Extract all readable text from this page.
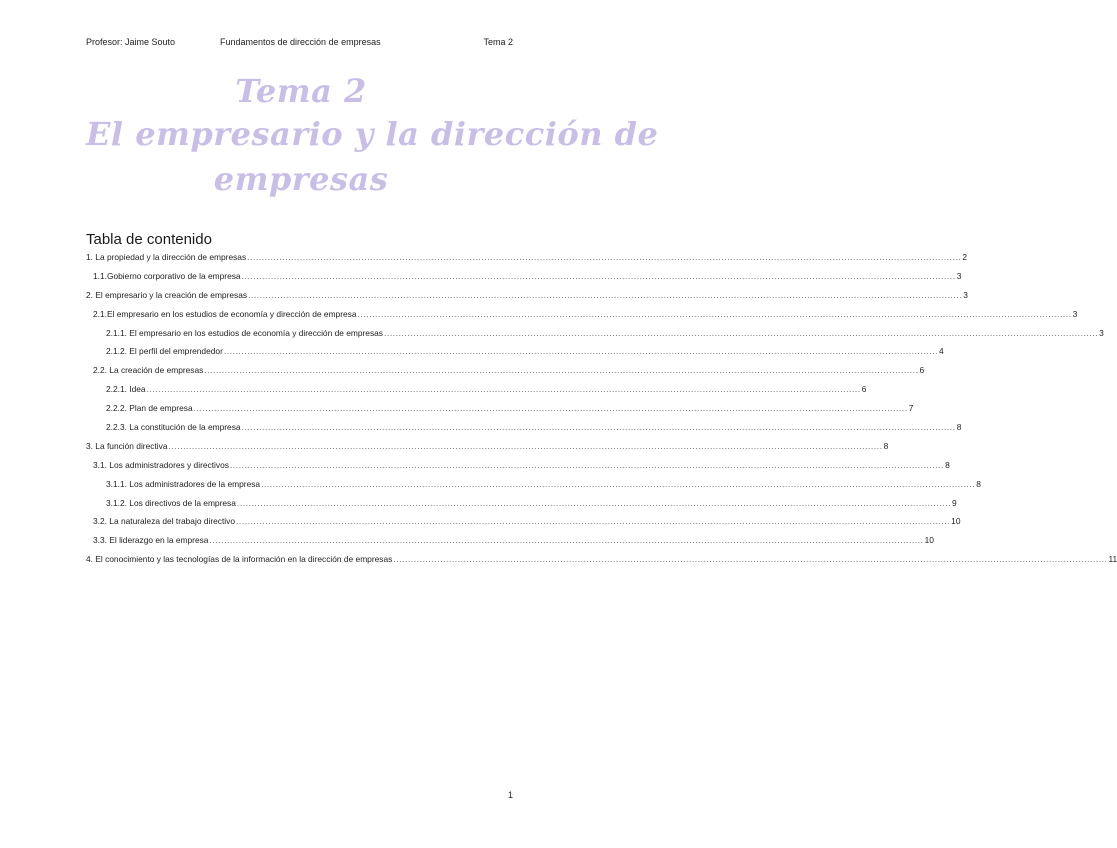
Profesor: Jaime Souto	Fundamentos de dirección de empresas	Tema 2
Tema 2
El empresario y la dirección de
empresas
Tabla de contenido
1. La propiedad y la dirección de empresas .....	2
1.1.Gobierno corporativo de la empresa .....	3
2. El empresario y la creación de empresas .....	3
2.1.El empresario en los estudios de economía y dirección de empresa .....	3
2.1.1. El empresario en los estudios de economía y dirección de empresas .....	3
2.1.2. El perfil del emprendedor .....	4
2.2. La creación de empresas .....	6
2.2.1. Idea .....	6
2.2.2. Plan de empresa .....	7
2.2.3. La constitución de la empresa .....	8
3. La función directiva .....	8
3.1. Los administradores y directivos .....	8
3.1.1. Los administradores de la empresa .....	8
3.1.2. Los directivos de la empresa .....	9
3.2. La naturaleza del trabajo directivo .....	10
3.3. El liderazgo en la empresa .....	10
4. El conocimiento y las tecnologías de la información en la dirección de empresas .....	11
1
